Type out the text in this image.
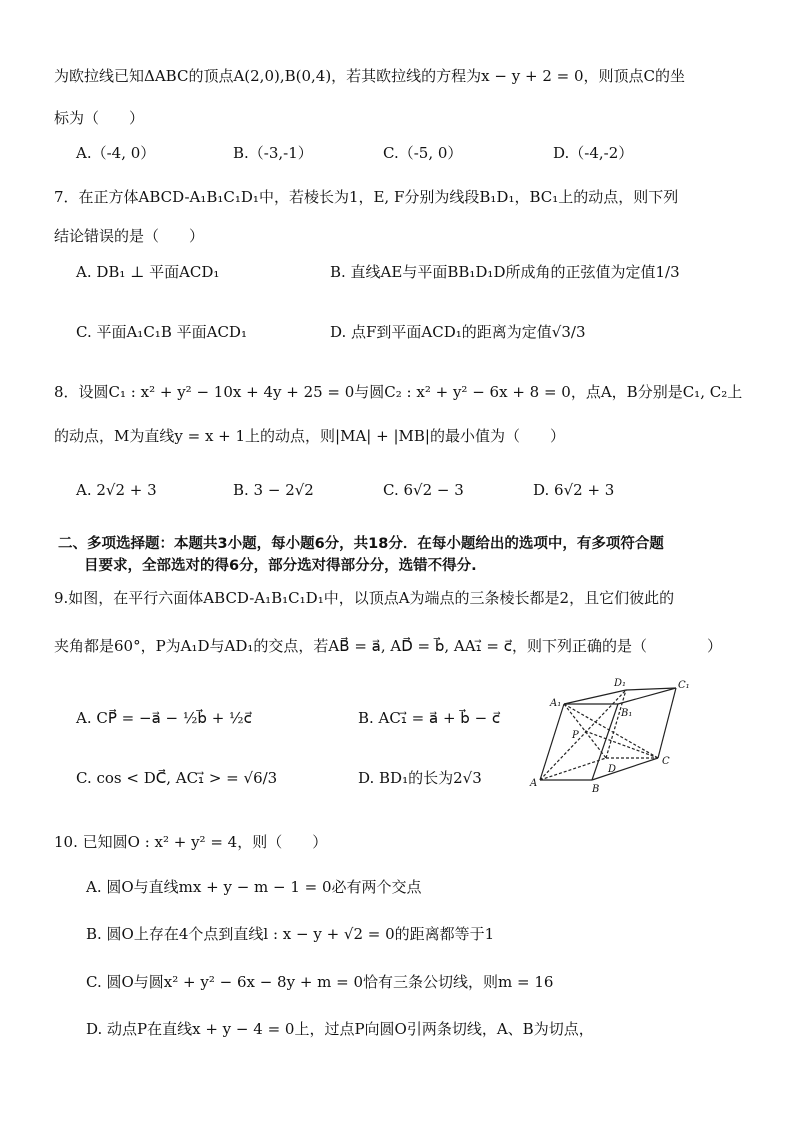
为欧拉线已知ΔABC的顶点A(2,0),B(0,4)，若其欧拉线的方程为x − y + 2 = 0，则顶点C的坐
标为（　　）
A.（-4, 0）	B.（-3,-1）	C.（-5, 0）	D.（-4,-2）
7．在正方体ABCD-A₁B₁C₁D₁中，若棱长为1，E, F分别为线段B₁D₁，BC₁上的动点，则下列
结论错误的是（　　）
A. DB₁ ⊥ 平面ACD₁	B. 直线AE与平面BB₁D₁D所成角的正弦值为定值1/3
C. 平面A₁C₁B 平面ACD₁	D. 点F到平面ACD₁的距离为定值√3/3
8．设圆C₁ : x² + y² − 10x + 4y + 25 = 0与圆C₂ : x² + y² − 6x + 8 = 0，点A，B分别是C₁, C₂上
的动点，M为直线y = x + 1上的动点，则|MA| + |MB|的最小值为（　　）
A. 2√2 + 3	B. 3 − 2√2	C. 6√2 − 3	D. 6√2 + 3
二、多项选择题：本题共3小题，每小题6分，共18分．在每小题给出的选项中，有多项符合题
目要求，全部选对的得6分，部分选对得部分分，选错不得分.
9.如图，在平行六面体ABCD-A₁B₁C₁D₁中，以顶点A为端点的三条棱长都是2，且它们彼此的
夹角都是60°，P为A₁D与AD₁的交点，若AB⃗ = a⃗, AD⃗ = b⃗, AA₁⃗ = c⃗，则下列正确的是（　　　　）
A. CP⃗ = −a⃗ − ½b⃗ + ½c⃗	B. AC₁⃗ = a⃗ + b⃗ − c⃗
C. cos < DC⃗, AC₁⃗ > = √6/3	D. BD₁的长为2√3	A
B
C
D
A₁
B₁
C₁
D₁
P
10. 已知圆O : x² + y² = 4，则（　　）
A. 圆O与直线mx + y − m − 1 = 0必有两个交点
B. 圆O上存在4个点到直线l : x − y + √2 = 0的距离都等于1
C. 圆O与圆x² + y² − 6x − 8y + m = 0恰有三条公切线，则m = 16
D. 动点P在直线x + y − 4 = 0上，过点P向圆O引两条切线，A、B为切点，
